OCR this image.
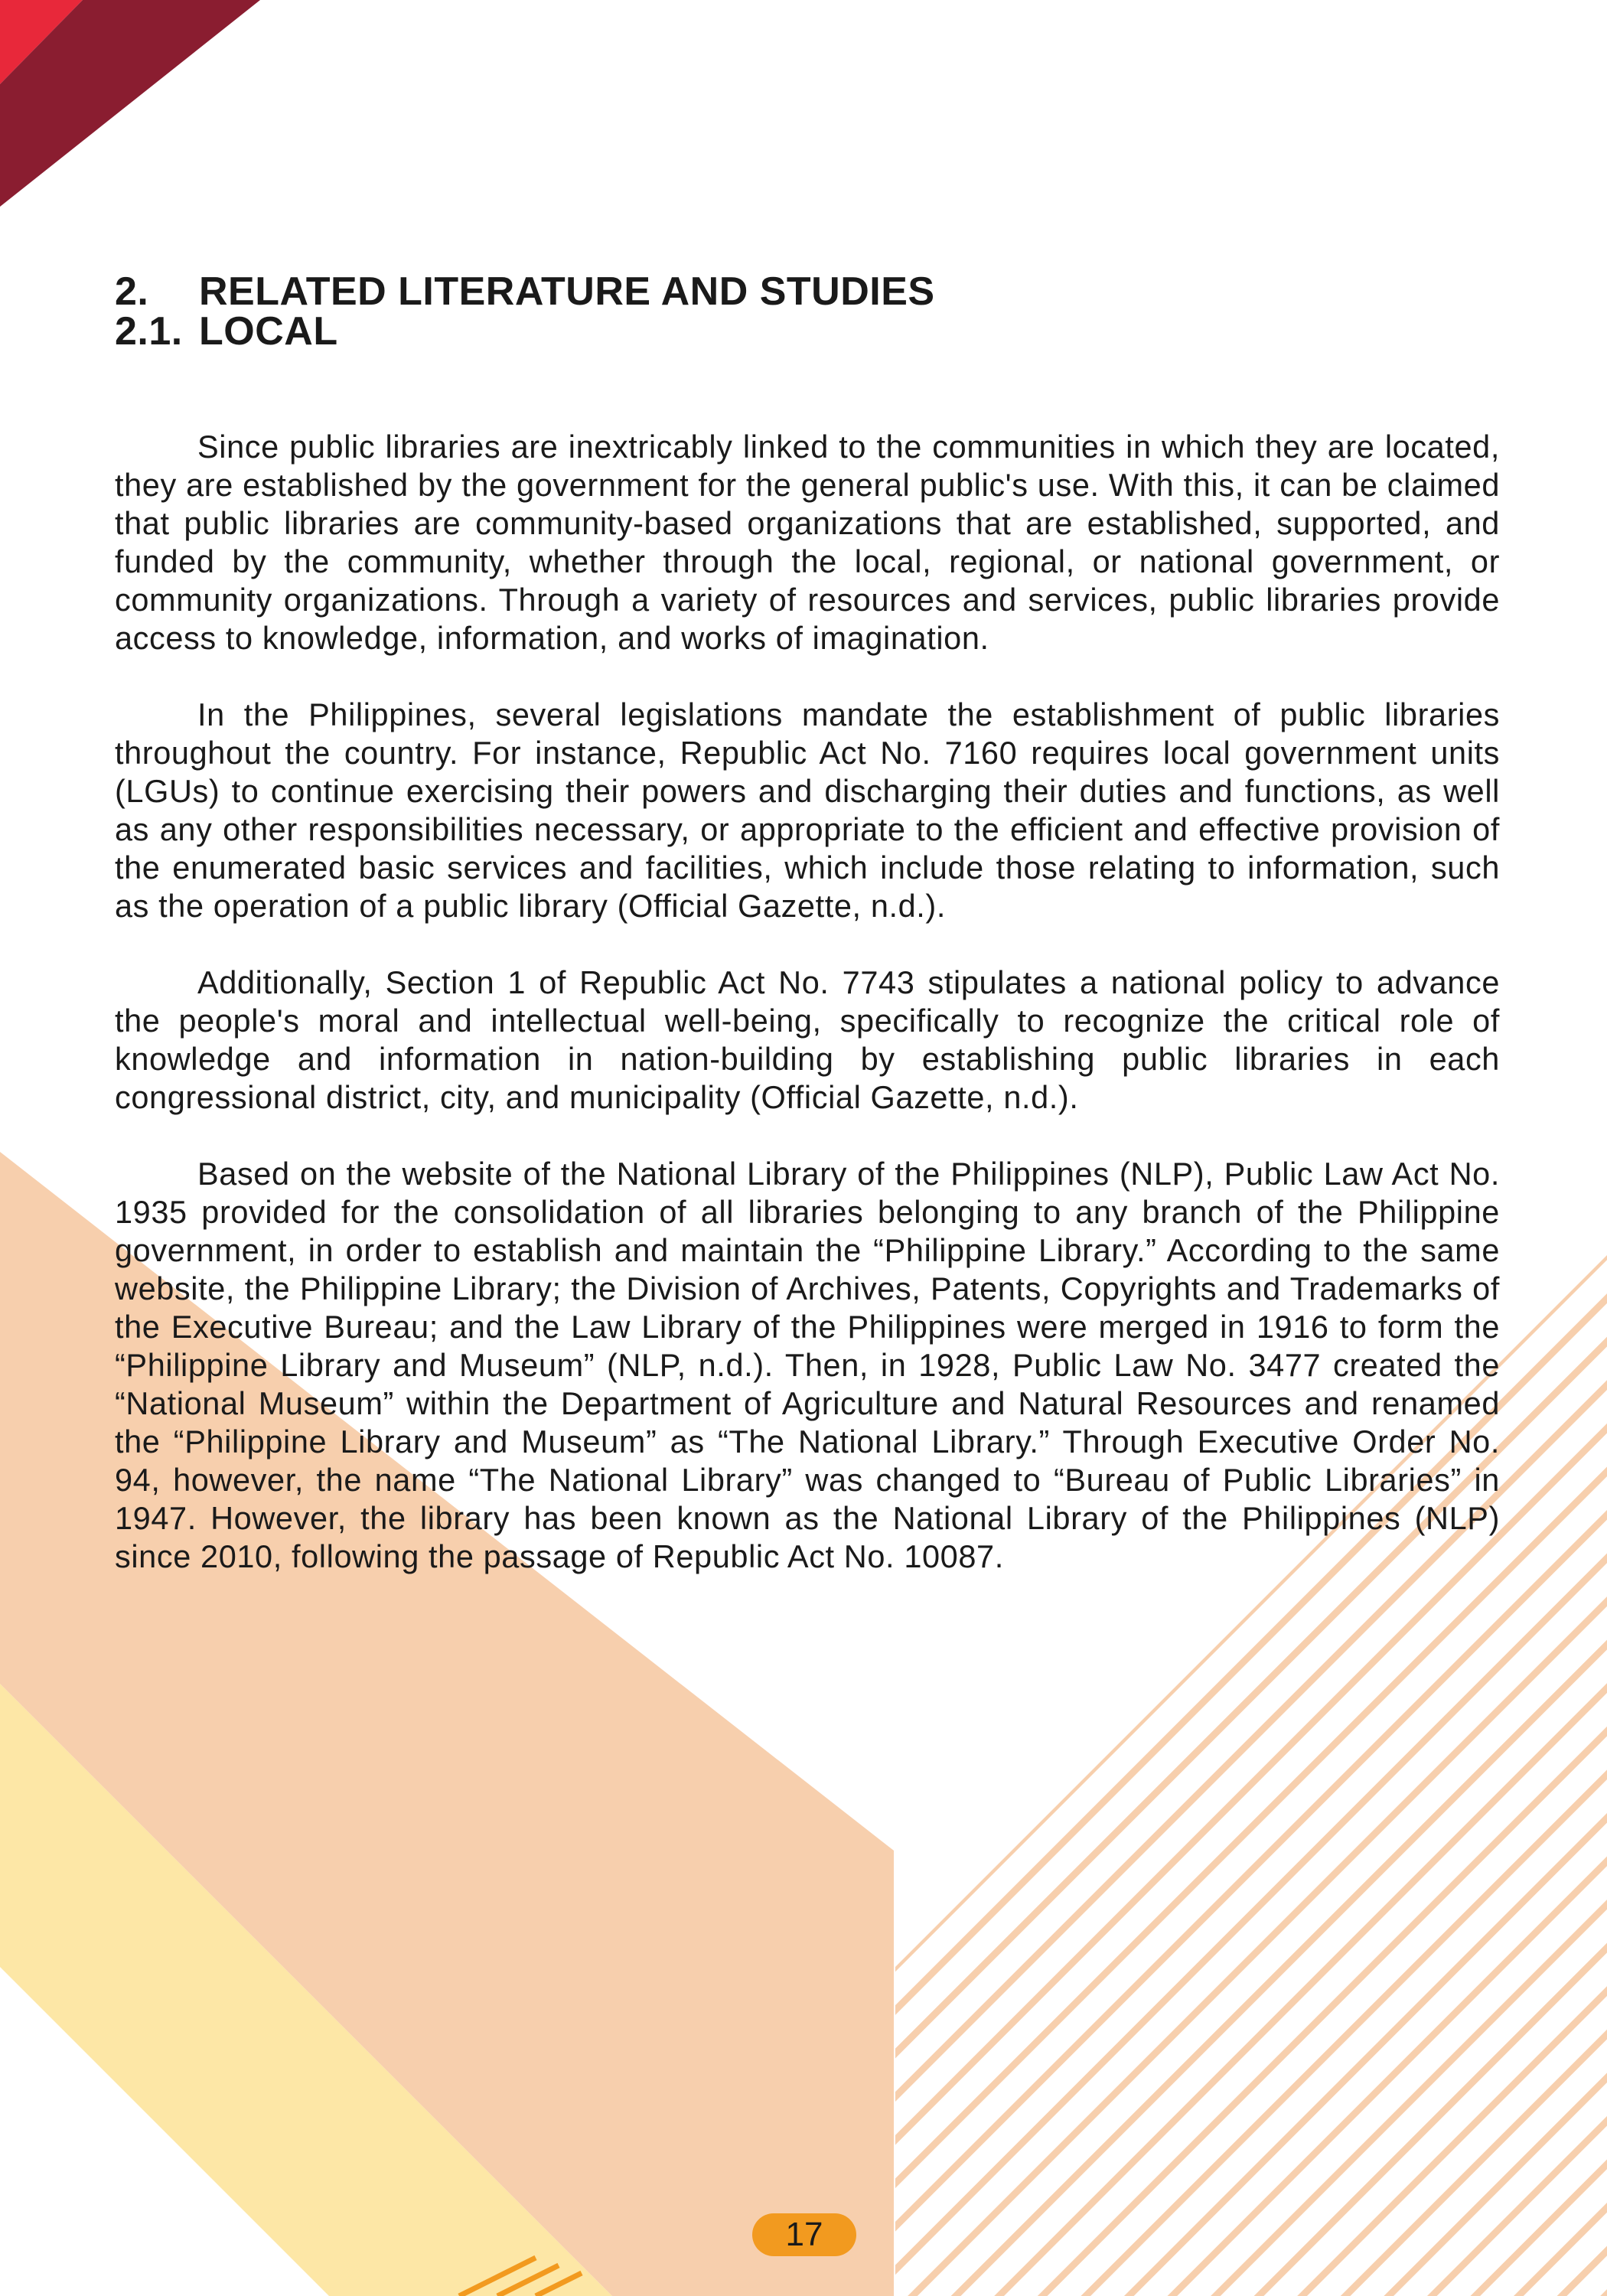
2. RELATED LITERATURE AND STUDIES
2.1. LOCAL

Since public libraries are inextricably linked to the communities in which they are located, they are established by the government for the general public's use. With this, it can be claimed that public libraries are community-based organizations that are established, supported, and funded by the community, whether through the local, regional, or national government, or community organizations. Through a variety of resources and services, public libraries provide access to knowledge, information, and works of imagination.

In the Philippines, several legislations mandate the establishment of public libraries throughout the country. For instance, Republic Act No. 7160 requires local government units (LGUs) to continue exercising their powers and discharging their duties and functions, as well as any other responsibilities necessary, or appropriate to the efficient and effective provision of the enumerated basic services and facilities, which include those relating to information, such as the operation of a public library (Official Gazette, n.d.).

Additionally, Section 1 of Republic Act No. 7743 stipulates a national policy to advance the people's moral and intellectual well-being, specifically to recognize the critical role of knowledge and information in nation-building by establishing public libraries in each congressional district, city, and municipality (Official Gazette, n.d.).

Based on the website of the National Library of the Philippines (NLP), Public Law Act No. 1935 provided for the consolidation of all libraries belonging to any branch of the Philippine government, in order to establish and maintain the “Philippine Library.” According to the same website, the Philippine Library; the Division of Archives, Patents, Copyrights and Trademarks of the Executive Bureau; and the Law Library of the Philippines were merged in 1916 to form the “Philippine Library and Museum” (NLP, n.d.). Then, in 1928, Public Law No. 3477 created the “National Museum” within the Department of Agriculture and Natural Resources and renamed the “Philippine Library and Museum” as “The National Library.” Through Executive Order No. 94, however, the name “The National Library” was changed to “Bureau of Public Libraries” in 1947. However, the library has been known as the National Library of the Philippines (NLP) since 2010, following the passage of Republic Act No. 10087.

17
